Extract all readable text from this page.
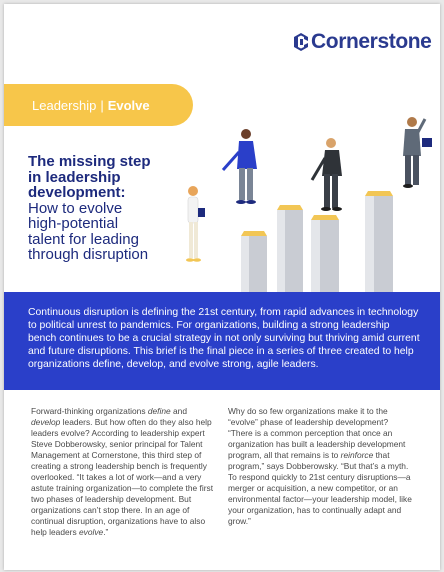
Cornerstone
Leadership | Evolve
The missing step
in leadership
development:
How to evolve
high-potential
talent for leading
through disruption

Continuous disruption is defining the 21st century, from rapid advances in technology to political unrest to pandemics. For organizations, building a strong leadership bench continues to be a crucial strategy in not only surviving but thriving amid current and future disruptions. This brief is the final piece in a series of three created to help organizations define, develop, and evolve strong, agile leaders.

Forward-thinking organizations define and develop leaders. But how often do they also help leaders evolve? According to leadership expert Steve Dobberowsky, senior principal for Talent Management at Cornerstone, this third step of creating a strong leadership bench is frequently overlooked. “It takes a lot of work—and a very astute training organization—to complete the first two phases of leadership development. But organizations can’t stop there. In an age of continual disruption, organizations have to also help leaders evolve.”

Why do so few organizations make it to the “evolve” phase of leadership development? “There is a common perception that once an organization has built a leadership development program, all that remains is to reinforce that program,” says Dobberowsky. “But that’s a myth. To respond quickly to 21st century disruptions—a merger or acquisition, a new competitor, or an environmental factor—your leadership model, like your organization, has to continually adapt and grow.”
